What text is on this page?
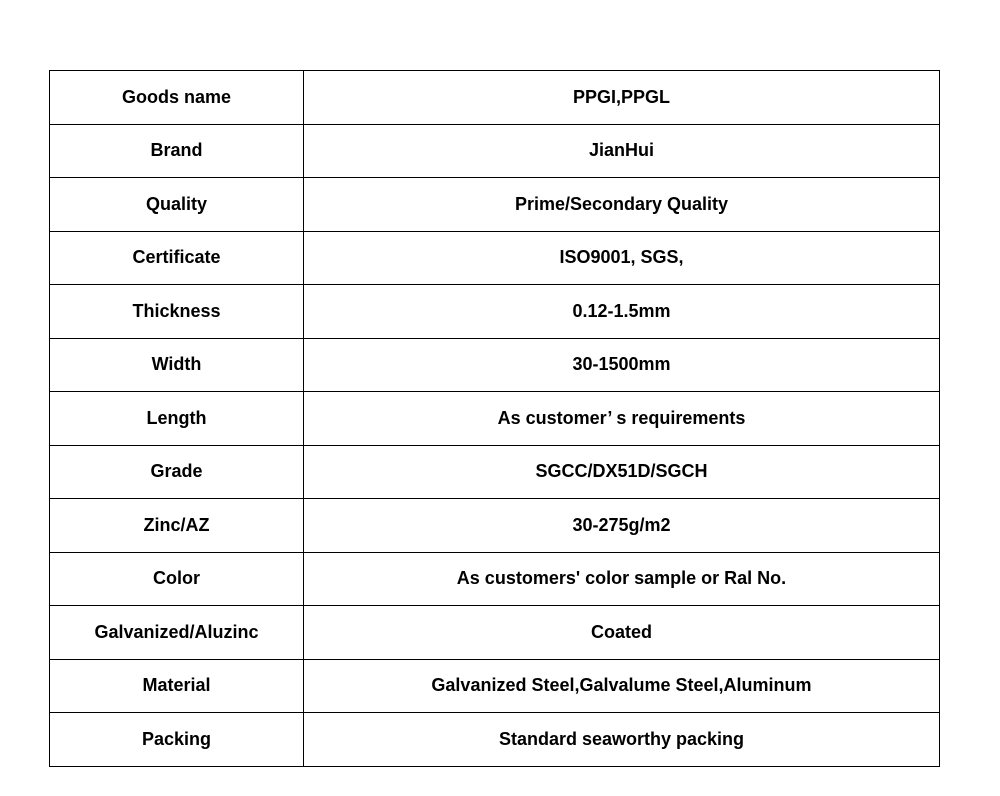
Goods name	PPGI,PPGL
Brand	JianHui
Quality	Prime/Secondary Quality
Certificate	ISO9001, SGS,
Thickness	0.12-1.5mm
Width	30-1500mm
Length	As customer’ s requirements
Grade	SGCC/DX51D/SGCH
Zinc/AZ	30-275g/m2
Color	As customers' color sample or Ral No.
Galvanized/Aluzinc	Coated
Material	Galvanized Steel,Galvalume Steel,Aluminum
Packing	Standard seaworthy packing
